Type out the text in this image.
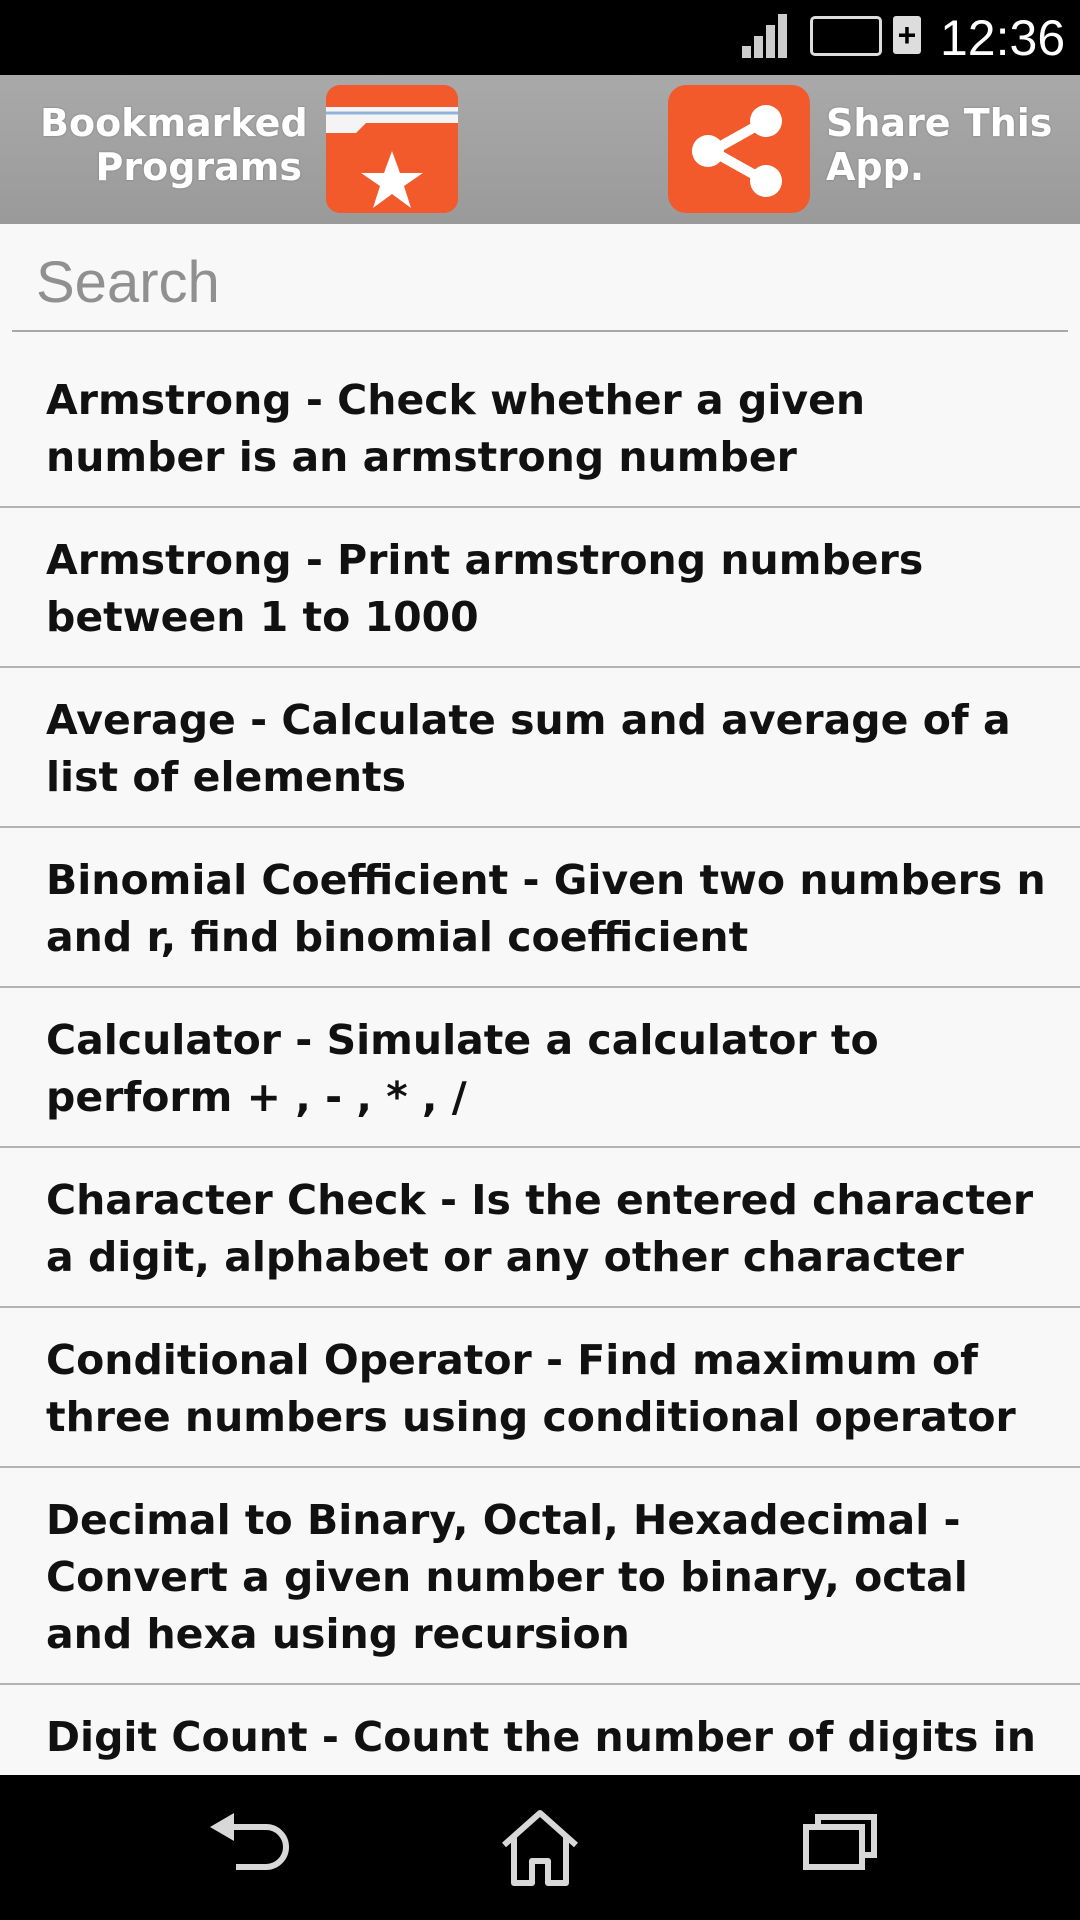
89% + 12:36
Bookmarked Programs
Share This App.
Search
Armstrong - Check whether a given number is an armstrong number
Armstrong - Print armstrong numbers between 1 to 1000
Average - Calculate sum and average of a list of elements
Binomial Coefficient - Given two numbers n and r, find binomial coefficient
Calculator - Simulate a calculator to perform + , - , * , /
Character Check - Is the entered character a digit, alphabet or any other character
Conditional Operator - Find maximum of three numbers using conditional operator
Decimal to Binary, Octal, Hexadecimal - Convert a given number to binary, octal and hexa using recursion
Digit Count - Count the number of digits in
